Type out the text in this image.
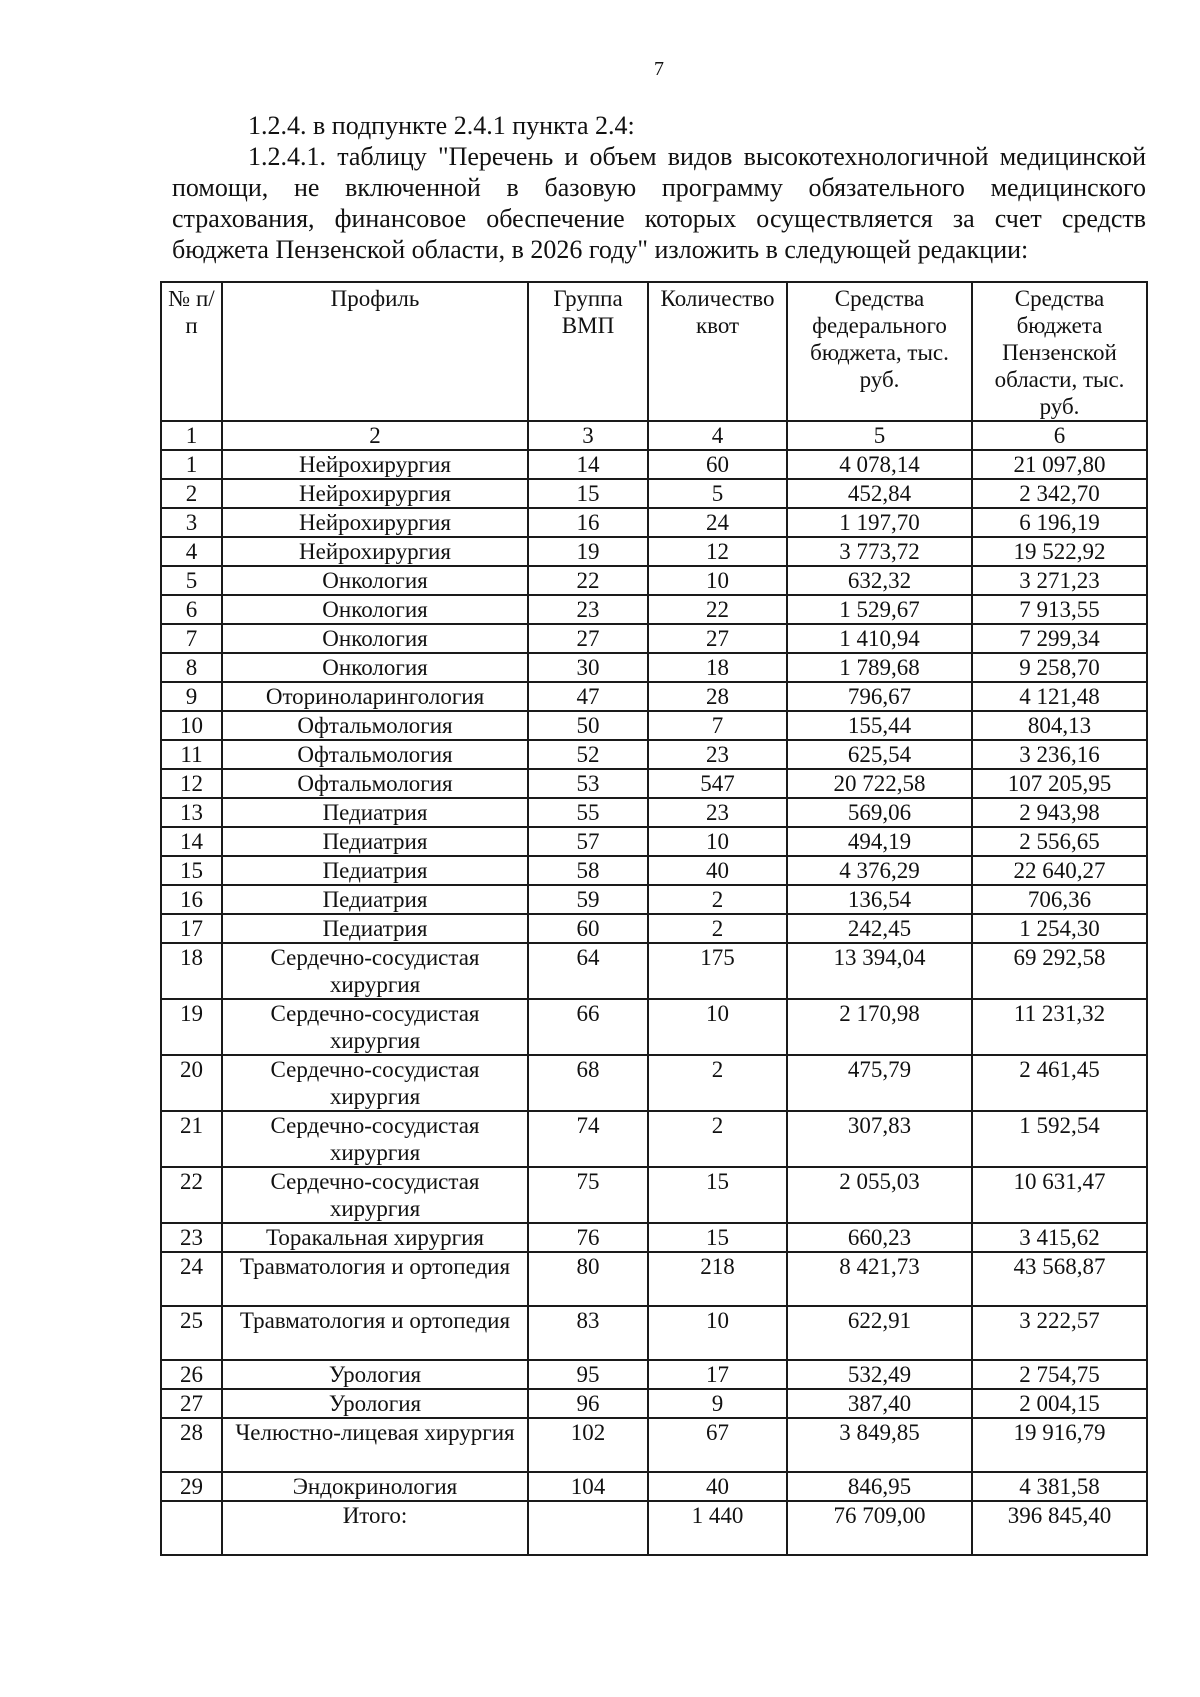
7

1.2.4. в подпункте 2.4.1 пункта 2.4:

1.2.4.1. таблицу "Перечень и объем видов высокотехнологичной медицинской

помощи, не включенной в базовую программу обязательного медицинского

страхования, финансовое обеспечение которых осуществляется за счет средств

бюджета Пензенской области, в 2026 году" изложить в следующей редакции:

№ п/п	Профиль	Группа ВМП	Количество квот	Средства федерального бюджета, тыс. руб.	Средства бюджета Пензенской области, тыс. руб.
1	2	3	4	5	6
1	Нейрохирургия	14	60	4 078,14	21 097,80
2	Нейрохирургия	15	5	452,84	2 342,70
3	Нейрохирургия	16	24	1 197,70	6 196,19
4	Нейрохирургия	19	12	3 773,72	19 522,92
5	Онкология	22	10	632,32	3 271,23
6	Онкология	23	22	1 529,67	7 913,55
7	Онкология	27	27	1 410,94	7 299,34
8	Онкология	30	18	1 789,68	9 258,70
9	Оториноларингология	47	28	796,67	4 121,48
10	Офтальмология	50	7	155,44	804,13
11	Офтальмология	52	23	625,54	3 236,16
12	Офтальмология	53	547	20 722,58	107 205,95
13	Педиатрия	55	23	569,06	2 943,98
14	Педиатрия	57	10	494,19	2 556,65
15	Педиатрия	58	40	4 376,29	22 640,27
16	Педиатрия	59	2	136,54	706,36
17	Педиатрия	60	2	242,45	1 254,30
18	Сердечно-сосудистая хирургия	64	175	13 394,04	69 292,58
19	Сердечно-сосудистая хирургия	66	10	2 170,98	11 231,32
20	Сердечно-сосудистая хирургия	68	2	475,79	2 461,45
21	Сердечно-сосудистая хирургия	74	2	307,83	1 592,54
22	Сердечно-сосудистая хирургия	75	15	2 055,03	10 631,47
23	Торакальная хирургия	76	15	660,23	3 415,62
24	Травматология и ортопедия	80	218	8 421,73	43 568,87
25	Травматология и ортопедия	83	10	622,91	3 222,57
26	Урология	95	17	532,49	2 754,75
27	Урология	96	9	387,40	2 004,15
28	Челюстно-лицевая хирургия	102	67	3 849,85	19 916,79
29	Эндокринология	104	40	846,95	4 381,58
	Итого:		1 440	76 709,00	396 845,40
